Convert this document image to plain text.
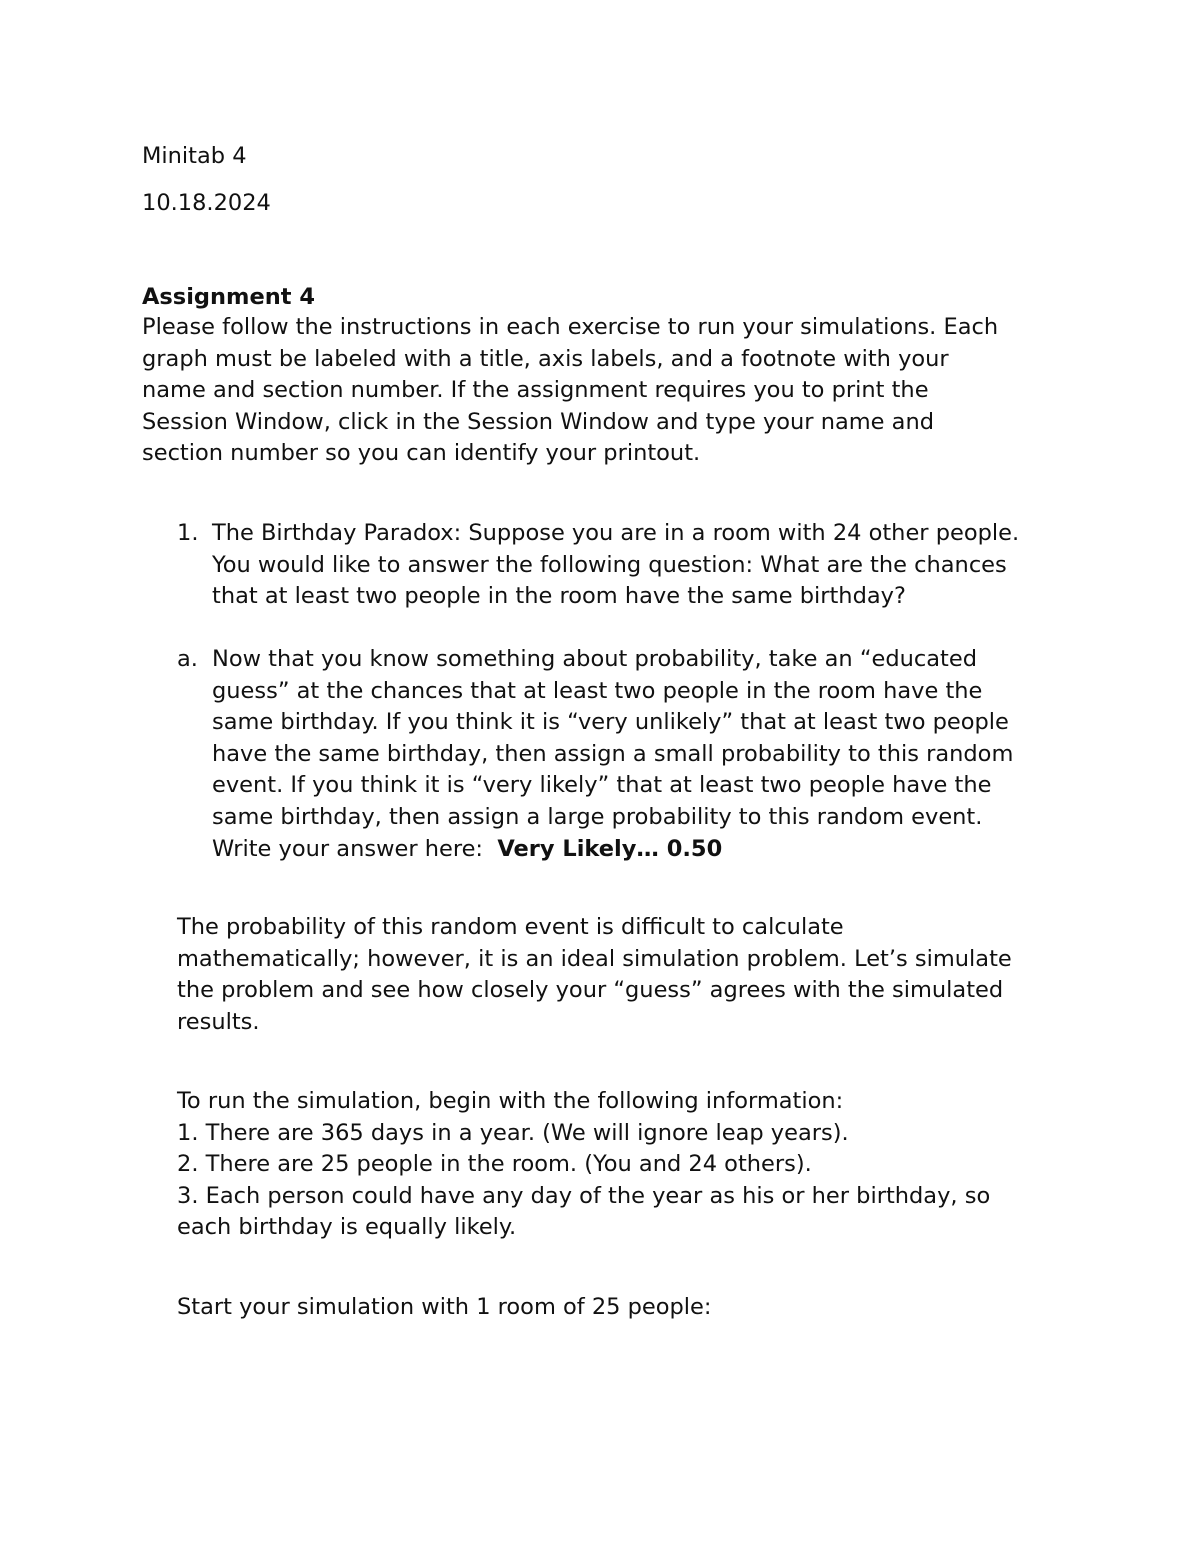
Minitab 4
10.18.2024
Assignment 4

Please follow the instructions in each exercise to run your simulations. Each

graph must be labeled with a title, axis labels, and a footnote with your

name and section number. If the assignment requires you to print the

Session Window, click in the Session Window and type your name and

section number so you can identify your printout.

1. The Birthday Paradox: Suppose you are in a room with 24 other people.

You would like to answer the following question: What are the chances

that at least two people in the room have the same birthday?

a. Now that you know something about probability, take an “educated

guess” at the chances that at least two people in the room have the

same birthday. If you think it is “very unlikely” that at least two people

have the same birthday, then assign a small probability to this random

event. If you think it is “very likely” that at least two people have the

same birthday, then assign a large probability to this random event.

Write your answer here: Very Likely… 0.50

The probability of this random event is difficult to calculate

mathematically; however, it is an ideal simulation problem. Let’s simulate

the problem and see how closely your “guess” agrees with the simulated

results.

To run the simulation, begin with the following information:

1. There are 365 days in a year. (We will ignore leap years).

2. There are 25 people in the room. (You and 24 others).

3. Each person could have any day of the year as his or her birthday, so

each birthday is equally likely.

Start your simulation with 1 room of 25 people:
